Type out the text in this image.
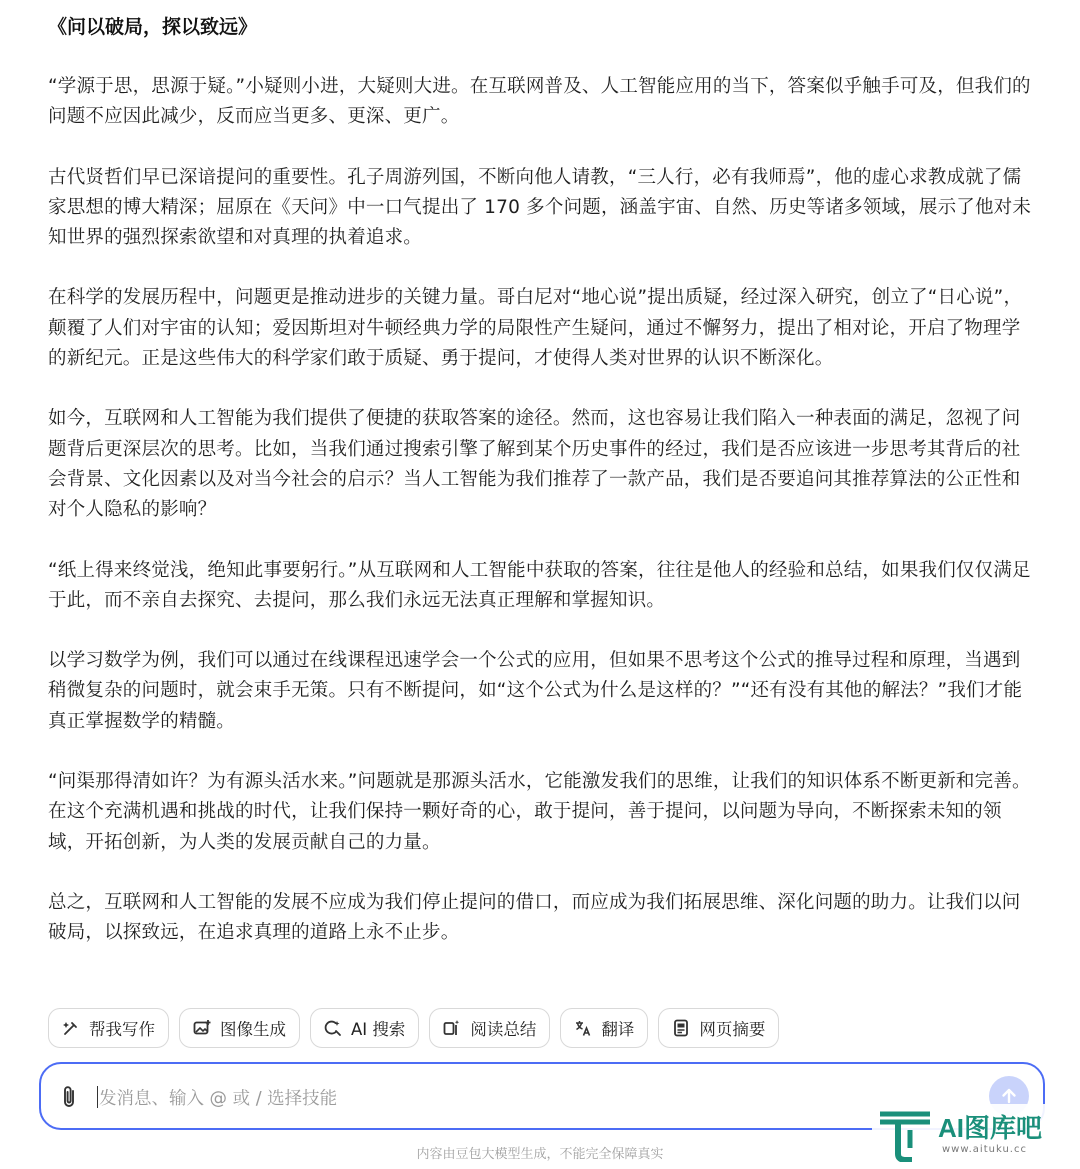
《问以破局，探以致远》

“学源于思，思源于疑。”小疑则小进，大疑则大进。在互联网普及、人工智能应用的当下，答案似乎触手可及，但我们的问题不应因此减少，反而应当更多、更深、更广。

古代贤哲们早已深谙提问的重要性。孔子周游列国，不断向他人请教，“三人行，必有我师焉”，他的虚心求教成就了儒家思想的博大精深；屈原在《天问》中一口气提出了 170 多个问题，涵盖宇宙、自然、历史等诸多领域，展示了他对未知世界的强烈探索欲望和对真理的执着追求。

在科学的发展历程中，问题更是推动进步的关键力量。哥白尼对“地心说”提出质疑，经过深入研究，创立了“日心说”，颠覆了人们对宇宙的认知；爱因斯坦对牛顿经典力学的局限性产生疑问，通过不懈努力，提出了相对论，开启了物理学的新纪元。正是这些伟大的科学家们敢于质疑、勇于提问，才使得人类对世界的认识不断深化。

如今，互联网和人工智能为我们提供了便捷的获取答案的途径。然而，这也容易让我们陷入一种表面的满足，忽视了问题背后更深层次的思考。比如，当我们通过搜索引擎了解到某个历史事件的经过，我们是否应该进一步思考其背后的社会背景、文化因素以及对当今社会的启示？当人工智能为我们推荐了一款产品，我们是否要追问其推荐算法的公正性和对个人隐私的影响？

“纸上得来终觉浅，绝知此事要躬行。”从互联网和人工智能中获取的答案，往往是他人的经验和总结，如果我们仅仅满足于此，而不亲自去探究、去提问，那么我们永远无法真正理解和掌握知识。

以学习数学为例，我们可以通过在线课程迅速学会一个公式的应用，但如果不思考这个公式的推导过程和原理，当遇到稍微复杂的问题时，就会束手无策。只有不断提问，如“这个公式为什么是这样的？”“还有没有其他的解法？”我们才能真正掌握数学的精髓。

“问渠那得清如许？为有源头活水来。”问题就是那源头活水，它能激发我们的思维，让我们的知识体系不断更新和完善。在这个充满机遇和挑战的时代，让我们保持一颗好奇的心，敢于提问，善于提问，以问题为导向，不断探索未知的领域，开拓创新，为人类的发展贡献自己的力量。

总之，互联网和人工智能的发展不应成为我们停止提问的借口，而应成为我们拓展思维、深化问题的助力。让我们以问破局，以探致远，在追求真理的道路上永不止步。

帮我写作	图像生成	AI 搜索	阅读总结	翻译	网页摘要
发消息、输入 @ 或 / 选择技能
内容由豆包大模型生成，不能完全保障真实
AI图库吧
www.aituku.cc
